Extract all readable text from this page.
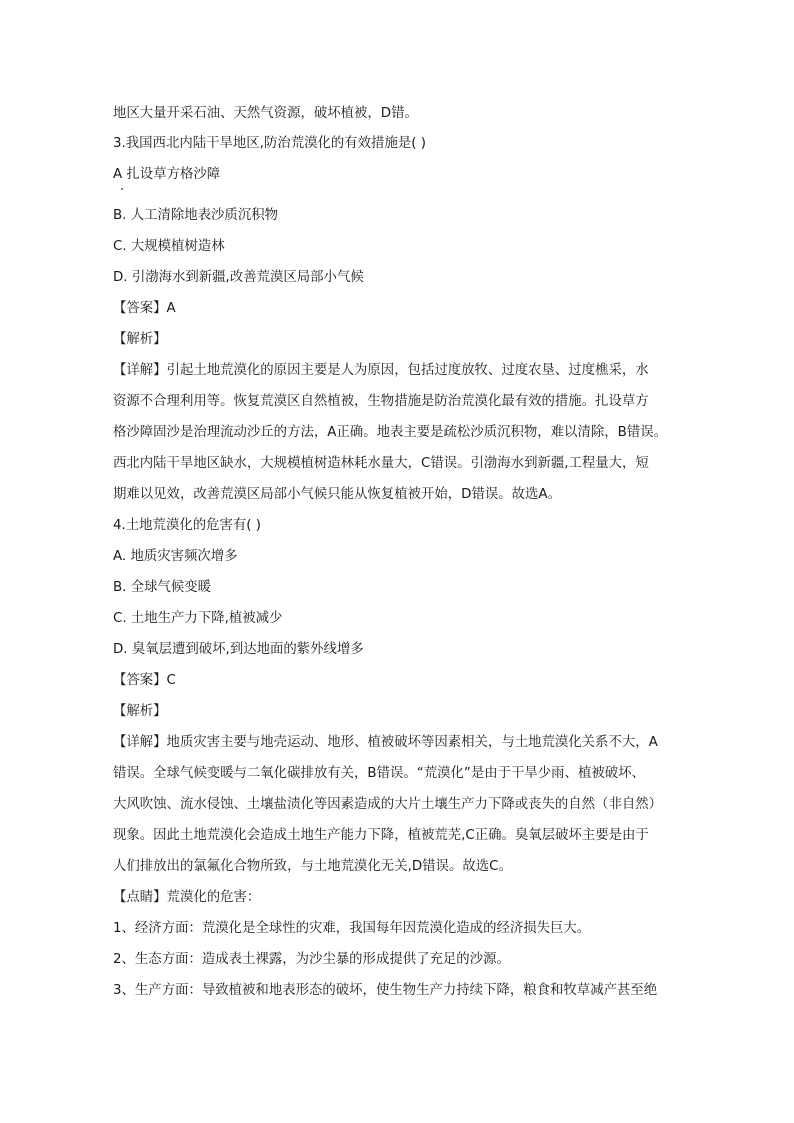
地区大量开采石油、天然气资源，破坏植被，D错。
3.我国西北内陆干旱地区,防治荒漠化的有效措施是( )
A 扎设草方格沙障
B. 人工清除地表沙质沉积物
C. 大规模植树造林
D. 引渤海水到新疆,改善荒漠区局部小气候
【答案】A
【解析】
【详解】引起土地荒漠化的原因主要是人为原因，包括过度放牧、过度农垦、过度樵采，水
资源不合理利用等。恢复荒漠区自然植被，生物措施是防治荒漠化最有效的措施。扎设草方
格沙障固沙是治理流动沙丘的方法，A正确。地表主要是疏松沙质沉积物，难以清除，B错误。
西北内陆干旱地区缺水，大规模植树造林耗水量大，C错误。引渤海水到新疆,工程量大，短
期难以见效，改善荒漠区局部小气候只能从恢复植被开始，D错误。故选A。
4.土地荒漠化的危害有( )
A. 地质灾害频次增多
B. 全球气候变暖
C. 土地生产力下降,植被减少
D. 臭氧层遭到破坏,到达地面的紫外线增多
【答案】C
【解析】
【详解】地质灾害主要与地壳运动、地形、植被破坏等因素相关，与土地荒漠化关系不大，A
错误。全球气候变暖与二氧化碳排放有关，B错误。“荒漠化”是由于干旱少雨、植被破坏、
大风吹蚀、流水侵蚀、土壤盐渍化等因素造成的大片土壤生产力下降或丧失的自然（非自然）
现象。因此土地荒漠化会造成土地生产能力下降，植被荒芜,C正确。臭氧层破坏主要是由于
人们排放出的氯氟化合物所致，与土地荒漠化无关,D错误。故选C。
【点睛】荒漠化的危害：
1、经济方面：荒漠化是全球性的灾难，我国每年因荒漠化造成的经济损失巨大。
2、生态方面：造成表土裸露，为沙尘暴的形成提供了充足的沙源。
3、生产方面：导致植被和地表形态的破坏，使生物生产力持续下降，粮食和牧草减产甚至绝
